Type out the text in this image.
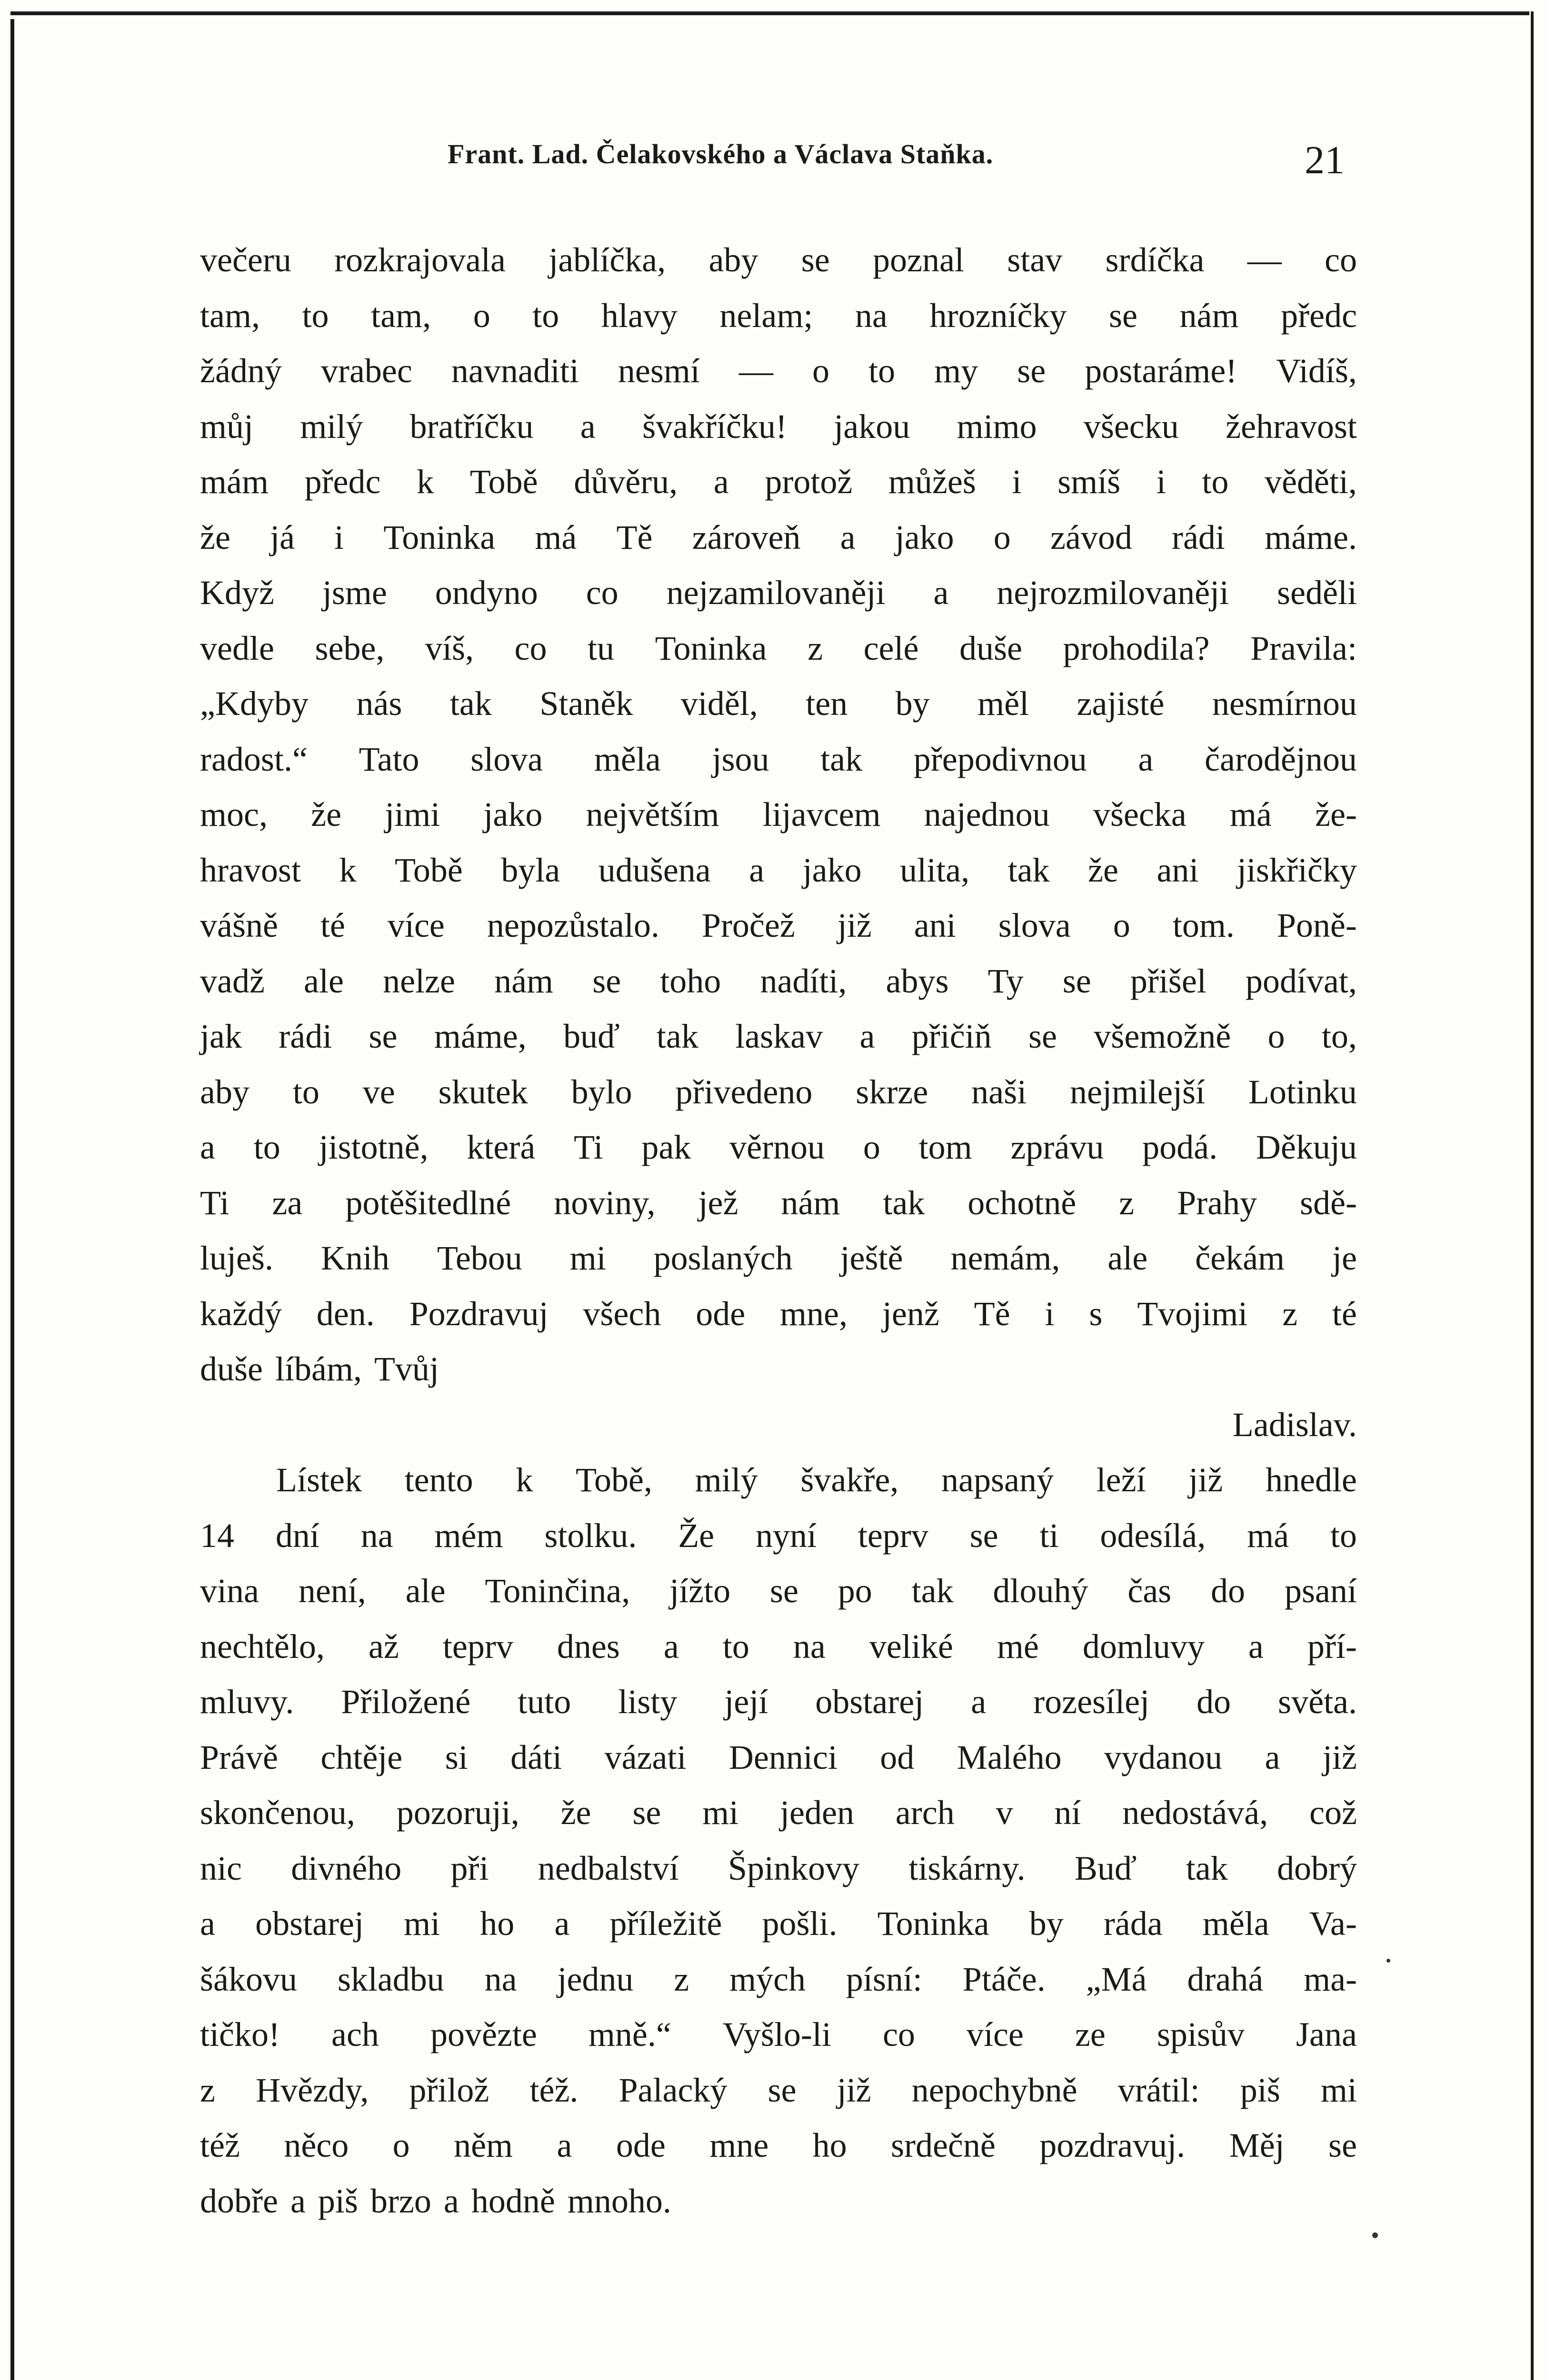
Frant. Lad. Čelakovského a Václava Staňka.	21
večeru rozkrajovala jablíčka, aby se poznal stav srdíčka — co
tam, to tam, o to hlavy nelam; na hrozníčky se nám předc
žádný vrabec navnaditi nesmí — o to my se postaráme! Vidíš,
můj milý bratříčku a švakříčku! jakou mimo všecku žehravost
mám předc k Tobě důvěru, a protož můžeš i smíš i to věděti,
že já i Toninka má Tě zároveň a jako o závod rádi máme.
Když jsme ondyno co nejzamilovaněji a nejrozmilovaněji seděli
vedle sebe, víš, co tu Toninka z celé duše prohodila? Pravila:
„Kdyby nás tak Staněk viděl, ten by měl zajisté nesmírnou
radost.“ Tato slova měla jsou tak přepodivnou a čarodějnou
moc, že jimi jako největším lijavcem najednou všecka má že-
hravost k Tobě byla udušena a jako ulita, tak že ani jiskřičky
vášně té více nepozůstalo. Pročež již ani slova o tom. Poně-
vadž ale nelze nám se toho nadíti, abys Ty se přišel podívat,
jak rádi se máme, buď tak laskav a přičiň se všemožně o to,
aby to ve skutek bylo přivedeno skrze naši nejmilejší Lotinku
a to jistotně, která Ti pak věrnou o tom zprávu podá. Děkuju
Ti za potěšitedlné noviny, jež nám tak ochotně z Prahy sdě-
luješ. Knih Tebou mi poslaných ještě nemám, ale čekám je
každý den. Pozdravuj všech ode mne, jenž Tě i s Tvojimi z té
duše líbám, Tvůj
Ladislav.
Lístek tento k Tobě, milý švakře, napsaný leží již hnedle
14 dní na mém stolku. Že nyní teprv se ti odesílá, má to
vina není, ale Toninčina, jížto se po tak dlouhý čas do psaní
nechtělo, až teprv dnes a to na veliké mé domluvy a pří-
mluvy. Přiložené tuto listy její obstarej a rozesílej do světa.
Právě chtěje si dáti vázati Dennici od Malého vydanou a již
skončenou, pozoruji, že se mi jeden arch v ní nedostává, což
nic divného při nedbalství Špinkovy tiskárny. Buď tak dobrý
a obstarej mi ho a příležitě pošli. Toninka by ráda měla Va-
šákovu skladbu na jednu z mých písní: Ptáče. „Má drahá ma-
tičko! ach povězte mně.“ Vyšlo-li co více ze spisův Jana
z Hvězdy, přilož též. Palacký se již nepochybně vrátil: piš mi
též něco o něm a ode mne ho srdečně pozdravuj. Měj se
dobře a piš brzo a hodně mnoho.
